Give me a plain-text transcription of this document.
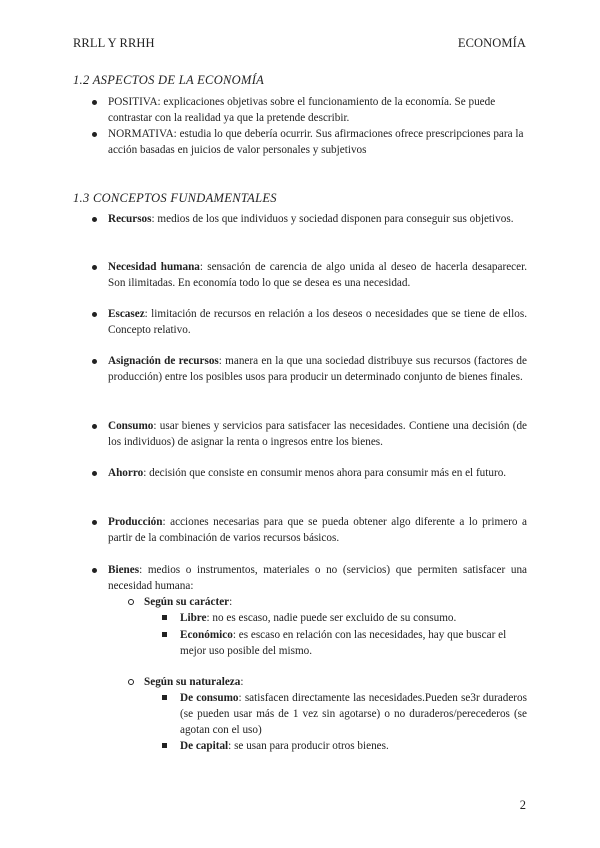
RRLL Y RRHH	ECONOMÍA
1.2 ASPECTOS DE LA ECONOMÍA
POSITIVA: explicaciones objetivas sobre el funcionamiento de la economía. Se puede contrastar con la realidad ya que la pretende describir.
NORMATIVA: estudia lo que debería ocurrir. Sus afirmaciones ofrece prescripciones para la acción basadas en juicios de valor personales y subjetivos
1.3 CONCEPTOS FUNDAMENTALES
Recursos: medios de los que individuos y sociedad disponen para conseguir sus objetivos.
Necesidad humana: sensación de carencia de algo unida al deseo de hacerla desaparecer. Son ilimitadas. En economía todo lo que se desea es una necesidad.
Escasez: limitación de recursos en relación a los deseos o necesidades que se tiene de ellos. Concepto relativo.
Asignación de recursos: manera en la que una sociedad distribuye sus recursos (factores de producción) entre los posibles usos para producir un determinado conjunto de bienes finales.
Consumo: usar bienes y servicios para satisfacer las necesidades. Contiene una decisión (de los individuos) de asignar la renta o ingresos entre los bienes.
Ahorro: decisión que consiste en consumir menos ahora para consumir más en el futuro.
Producción: acciones necesarias para que se pueda obtener algo diferente a lo primero a partir de la combinación de varios recursos básicos.
Bienes: medios o instrumentos, materiales o no (servicios) que permiten satisfacer una necesidad humana:
Según su carácter:
Libre: no es escaso, nadie puede ser excluido de su consumo.
Económico: es escaso en relación con las necesidades, hay que buscar el mejor uso posible del mismo.
Según su naturaleza:
De consumo: satisfacen directamente las necesidades.Pueden se3r duraderos (se pueden usar más de 1 vez sin agotarse) o no duraderos/perecederos (se agotan con el uso)
De capital: se usan para producir otros bienes.
2
